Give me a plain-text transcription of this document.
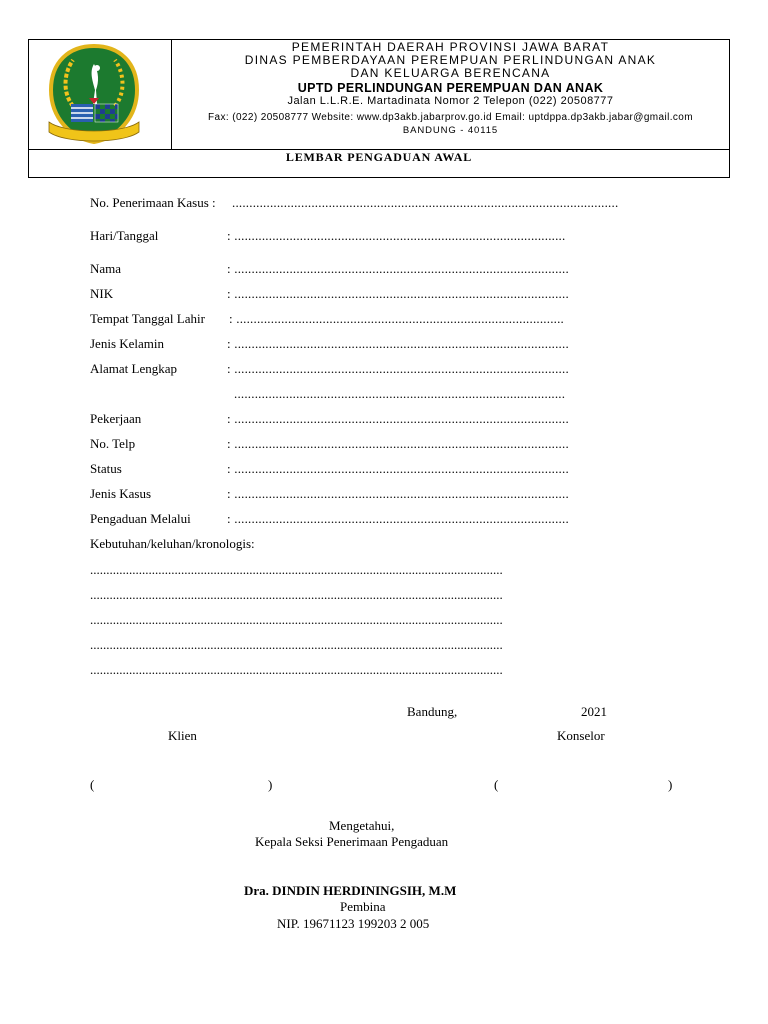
PEMERINTAH DAERAH PROVINSI JAWA BARAT
DINAS PEMBERDAYAAN PEREMPUAN PERLINDUNGAN ANAK
DAN KELUARGA BERENCANA
UPTD PERLINDUNGAN PEREMPUAN DAN ANAK
Jalan L.L.R.E. Martadinata Nomor 2 Telepon (022) 20508777
Fax: (022) 20508777 Website: www.dp3akb.jabarprov.go.id Email: uptdppa.dp3akb.jabar@gmail.com
BANDUNG - 40115
LEMBAR PENGADUAN AWAL
No. Penerimaan Kasus : ................................................................................................................
Hari/Tanggal	: ................................................................................................
Nama	: .................................................................................................
NIK	: .................................................................................................
Tempat Tanggal Lahir : ...............................................................................................
Jenis Kelamin	: .................................................................................................
Alamat Lengkap	: .................................................................................................
................................................................................................
Pekerjaan	: .................................................................................................
No. Telp	: .................................................................................................
Status	: .................................................................................................
Jenis Kasus	: .................................................................................................
Pengaduan Melalui	: .................................................................................................
Kebutuhan/keluhan/kronologis:
...............................................................................................................................
...............................................................................................................................
...............................................................................................................................
...............................................................................................................................
...............................................................................................................................
Bandung,	2021
Klien	Konselor
(	)	(	)
Mengetahui,
Kepala Seksi Penerimaan Pengaduan
Dra. DINDIN HERDININGSIH, M.M
Pembina
NIP. 19671123 199203 2 005
